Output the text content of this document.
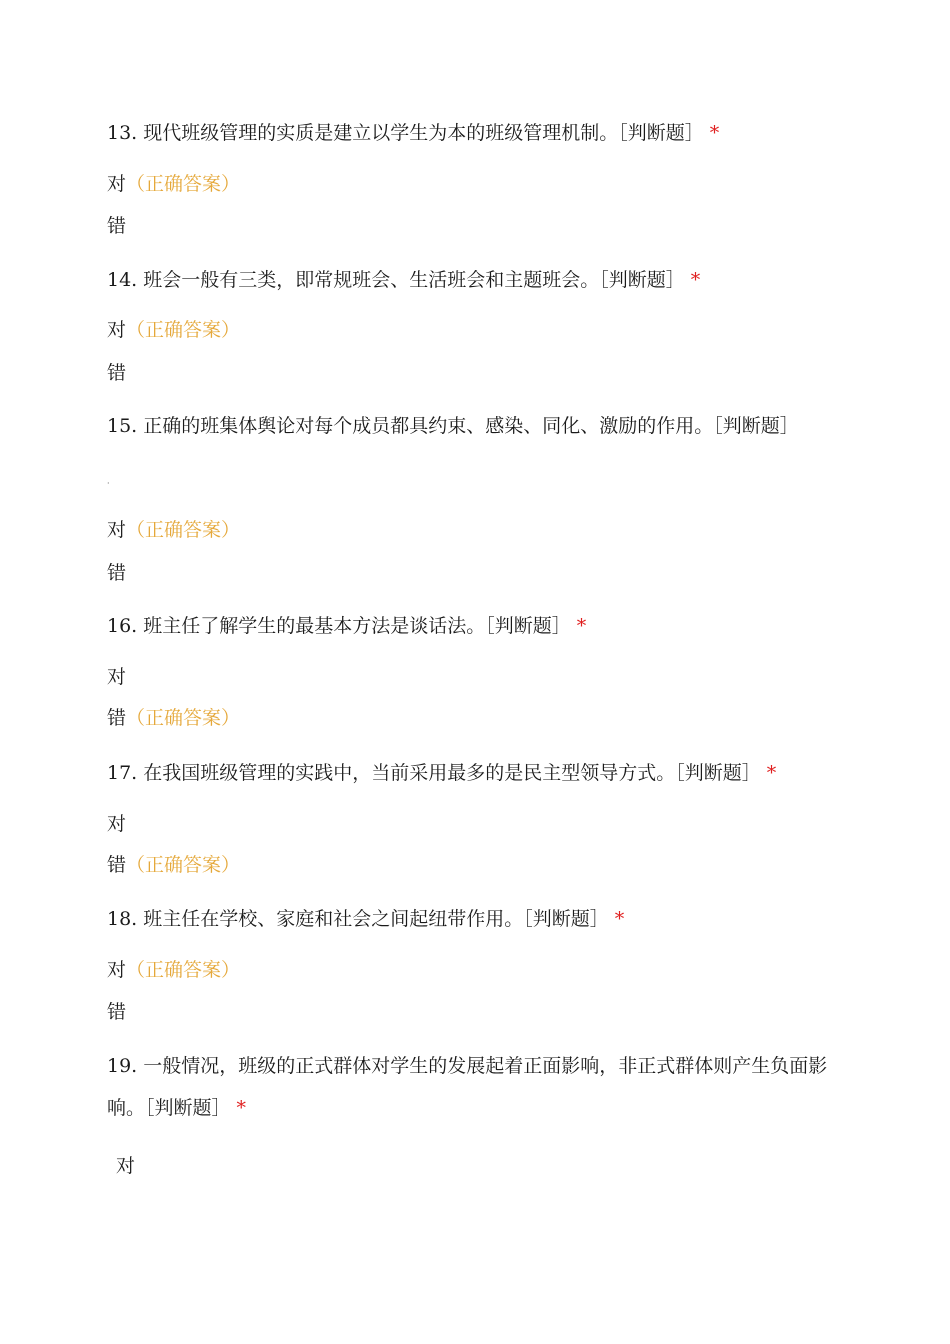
13. 现代班级管理的实质是建立以学生为本的班级管理机制。［判断题］ *
对（正确答案）
错
14. 班会一般有三类，即常规班会、生活班会和主题班会。［判断题］ *
对（正确答案）
错
15. 正确的班集体舆论对每个成员都具约束、感染、同化、激励的作用。［判断题］
·
对（正确答案）
错
16. 班主任了解学生的最基本方法是谈话法。［判断题］ *
对
错（正确答案）
17. 在我国班级管理的实践中，当前采用最多的是民主型领导方式。［判断题］ *
对
错（正确答案）
18. 班主任在学校、家庭和社会之间起纽带作用。［判断题］ *
对（正确答案）
错
19. 一般情况，班级的正式群体对学生的发展起着正面影响，非正式群体则产生负面影响。［判断题］ *
对
